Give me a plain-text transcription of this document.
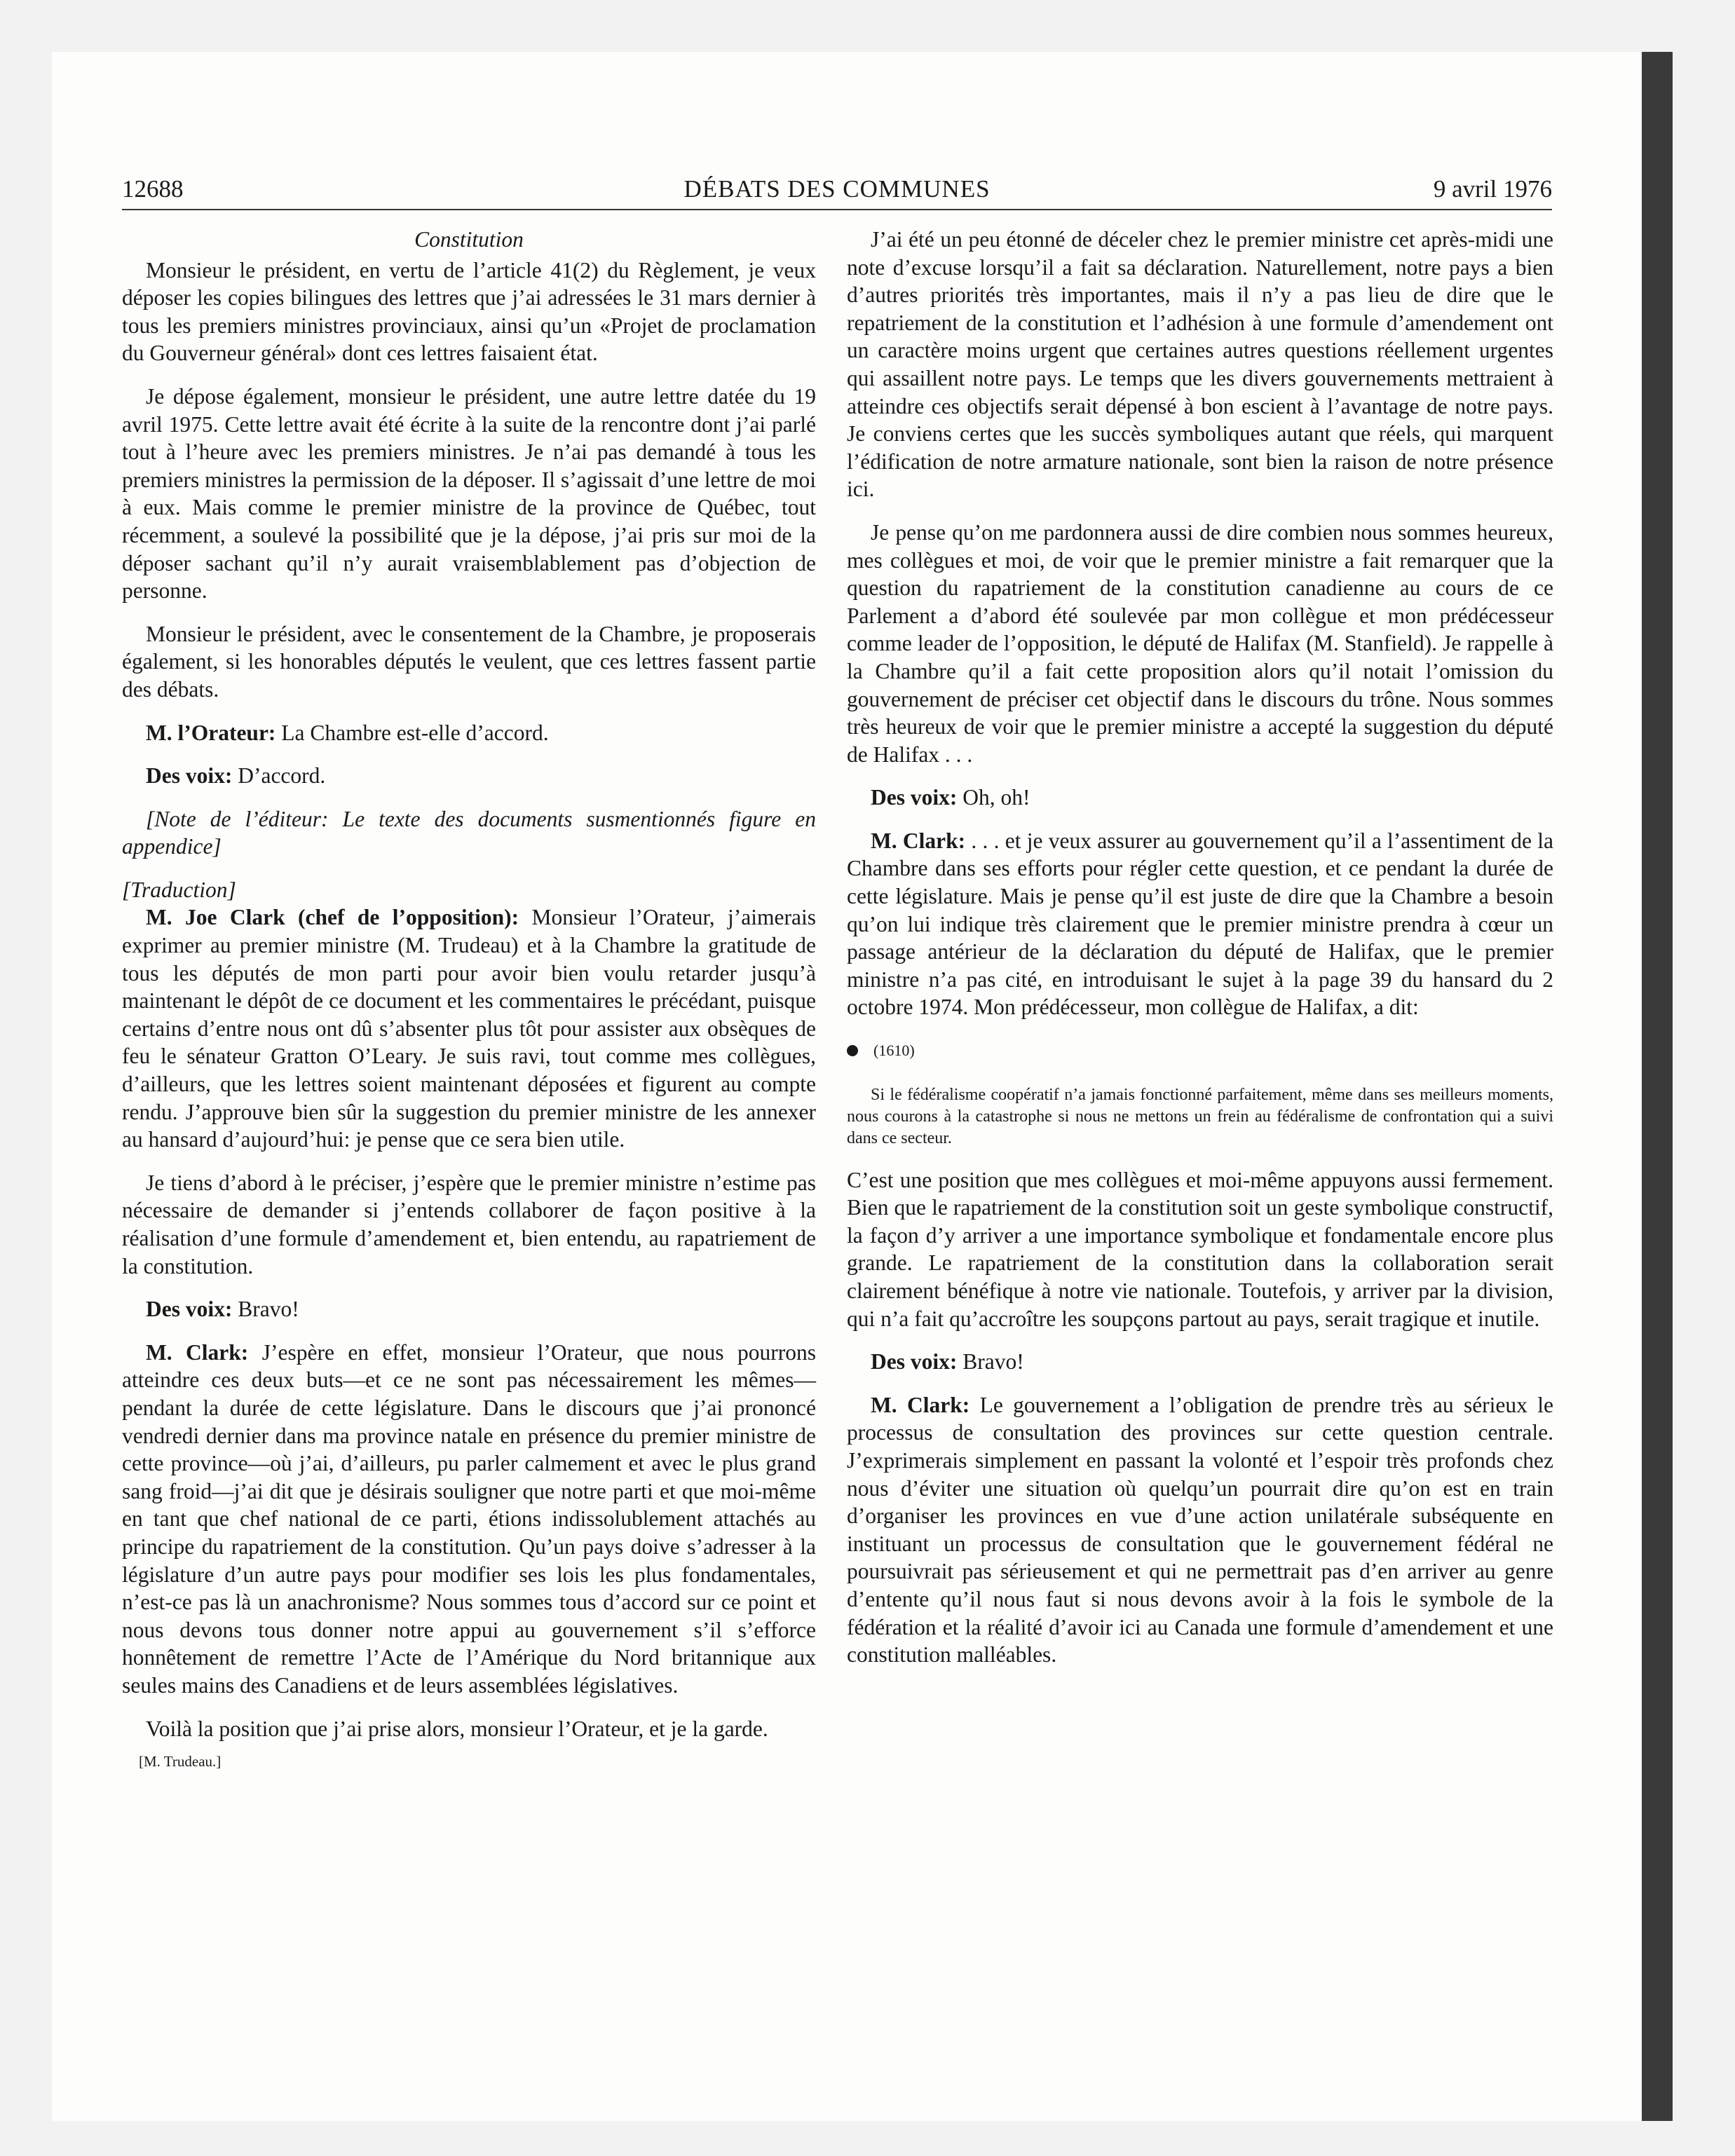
12688	DÉBATS DES COMMUNES	9 avril 1976
Constitution

Monsieur le président, en vertu de l’article 41(2) du Règlement, je veux déposer les copies bilingues des lettres que j’ai adressées le 31 mars dernier à tous les premiers ministres provinciaux, ainsi qu’un «Projet de proclamation du Gouverneur général» dont ces lettres faisaient état.

Je dépose également, monsieur le président, une autre lettre datée du 19 avril 1975. Cette lettre avait été écrite à la suite de la rencontre dont j’ai parlé tout à l’heure avec les premiers ministres. Je n’ai pas demandé à tous les premiers ministres la permission de la déposer. Il s’agissait d’une lettre de moi à eux. Mais comme le premier ministre de la province de Québec, tout récemment, a soulevé la possibilité que je la dépose, j’ai pris sur moi de la déposer sachant qu’il n’y aurait vraisemblablement pas d’objection de personne.

Monsieur le président, avec le consentement de la Chambre, je proposerais également, si les honorables députés le veulent, que ces lettres fassent partie des débats.

M. l’Orateur: La Chambre est-elle d’accord.

Des voix: D’accord.

[Note de l’éditeur: Le texte des documents susmentionnés figure en appendice]

[Traduction]

M. Joe Clark (chef de l’opposition): Monsieur l’Orateur, j’aimerais exprimer au premier ministre (M. Trudeau) et à la Chambre la gratitude de tous les députés de mon parti pour avoir bien voulu retarder jusqu’à maintenant le dépôt de ce document et les commentaires le précédant, puisque certains d’entre nous ont dû s’absenter plus tôt pour assister aux obsèques de feu le sénateur Gratton O’Leary. Je suis ravi, tout comme mes collègues, d’ailleurs, que les lettres soient maintenant déposées et figurent au compte rendu. J’approuve bien sûr la suggestion du premier ministre de les annexer au hansard d’aujourd’hui: je pense que ce sera bien utile.

Je tiens d’abord à le préciser, j’espère que le premier ministre n’estime pas nécessaire de demander si j’entends collaborer de façon positive à la réalisation d’une formule d’amendement et, bien entendu, au rapatriement de la constitution.

Des voix: Bravo!

M. Clark: J’espère en effet, monsieur l’Orateur, que nous pourrons atteindre ces deux buts—et ce ne sont pas nécessairement les mêmes—pendant la durée de cette législature. Dans le discours que j’ai prononcé vendredi dernier dans ma province natale en présence du premier ministre de cette province—où j’ai, d’ailleurs, pu parler calmement et avec le plus grand sang froid—j’ai dit que je désirais souligner que notre parti et que moi-même en tant que chef national de ce parti, étions indissolublement attachés au principe du rapatriement de la constitution. Qu’un pays doive s’adresser à la législature d’un autre pays pour modifier ses lois les plus fondamentales, n’est-ce pas là un anachronisme? Nous sommes tous d’accord sur ce point et nous devons tous donner notre appui au gouvernement s’il s’efforce honnêtement de remettre l’Acte de l’Amérique du Nord britannique aux seules mains des Canadiens et de leurs assemblées législatives.

Voilà la position que j’ai prise alors, monsieur l’Orateur, et je la garde.

[M. Trudeau.]

J’ai été un peu étonné de déceler chez le premier ministre cet après-midi une note d’excuse lorsqu’il a fait sa déclaration. Naturellement, notre pays a bien d’autres priorités très importantes, mais il n’y a pas lieu de dire que le repatriement de la constitution et l’adhésion à une formule d’amendement ont un caractère moins urgent que certaines autres questions réellement urgentes qui assaillent notre pays. Le temps que les divers gouvernements mettraient à atteindre ces objectifs serait dépensé à bon escient à l’avantage de notre pays. Je conviens certes que les succès symboliques autant que réels, qui marquent l’édification de notre armature nationale, sont bien la raison de notre présence ici.

Je pense qu’on me pardonnera aussi de dire combien nous sommes heureux, mes collègues et moi, de voir que le premier ministre a fait remarquer que la question du rapatriement de la constitution canadienne au cours de ce Parlement a d’abord été soulevée par mon collègue et mon prédécesseur comme leader de l’opposition, le député de Halifax (M. Stanfield). Je rappelle à la Chambre qu’il a fait cette proposition alors qu’il notait l’omission du gouvernement de préciser cet objectif dans le discours du trône. Nous sommes très heureux de voir que le premier ministre a accepté la suggestion du député de Halifax . . .

Des voix: Oh, oh!

M. Clark: . . . et je veux assurer au gouvernement qu’il a l’assentiment de la Chambre dans ses efforts pour régler cette question, et ce pendant la durée de cette législature. Mais je pense qu’il est juste de dire que la Chambre a besoin qu’on lui indique très clairement que le premier ministre prendra à cœur un passage antérieur de la déclaration du député de Halifax, que le premier ministre n’a pas cité, en introduisant le sujet à la page 39 du hansard du 2 octobre 1974. Mon prédécesseur, mon collègue de Halifax, a dit:

(1610)
Si le fédéralisme coopératif n’a jamais fonctionné parfaitement, même dans ses meilleurs moments, nous courons à la catastrophe si nous ne mettons un frein au fédéralisme de confrontation qui a suivi dans ce secteur.

C’est une position que mes collègues et moi-même appuyons aussi fermement. Bien que le rapatriement de la constitution soit un geste symbolique constructif, la façon d’y arriver a une importance symbolique et fondamentale encore plus grande. Le rapatriement de la constitution dans la collaboration serait clairement bénéfique à notre vie nationale. Toutefois, y arriver par la division, qui n’a fait qu’accroître les soupçons partout au pays, serait tragique et inutile.

Des voix: Bravo!

M. Clark: Le gouvernement a l’obligation de prendre très au sérieux le processus de consultation des provinces sur cette question centrale. J’exprimerais simplement en passant la volonté et l’espoir très profonds chez nous d’éviter une situation où quelqu’un pourrait dire qu’on est en train d’organiser les provinces en vue d’une action unilatérale subséquente en instituant un processus de consultation que le gouvernement fédéral ne poursuivrait pas sérieusement et qui ne permettrait pas d’en arriver au genre d’entente qu’il nous faut si nous devons avoir à la fois le symbole de la fédération et la réalité d’avoir ici au Canada une formule d’amendement et une constitution malléables.
